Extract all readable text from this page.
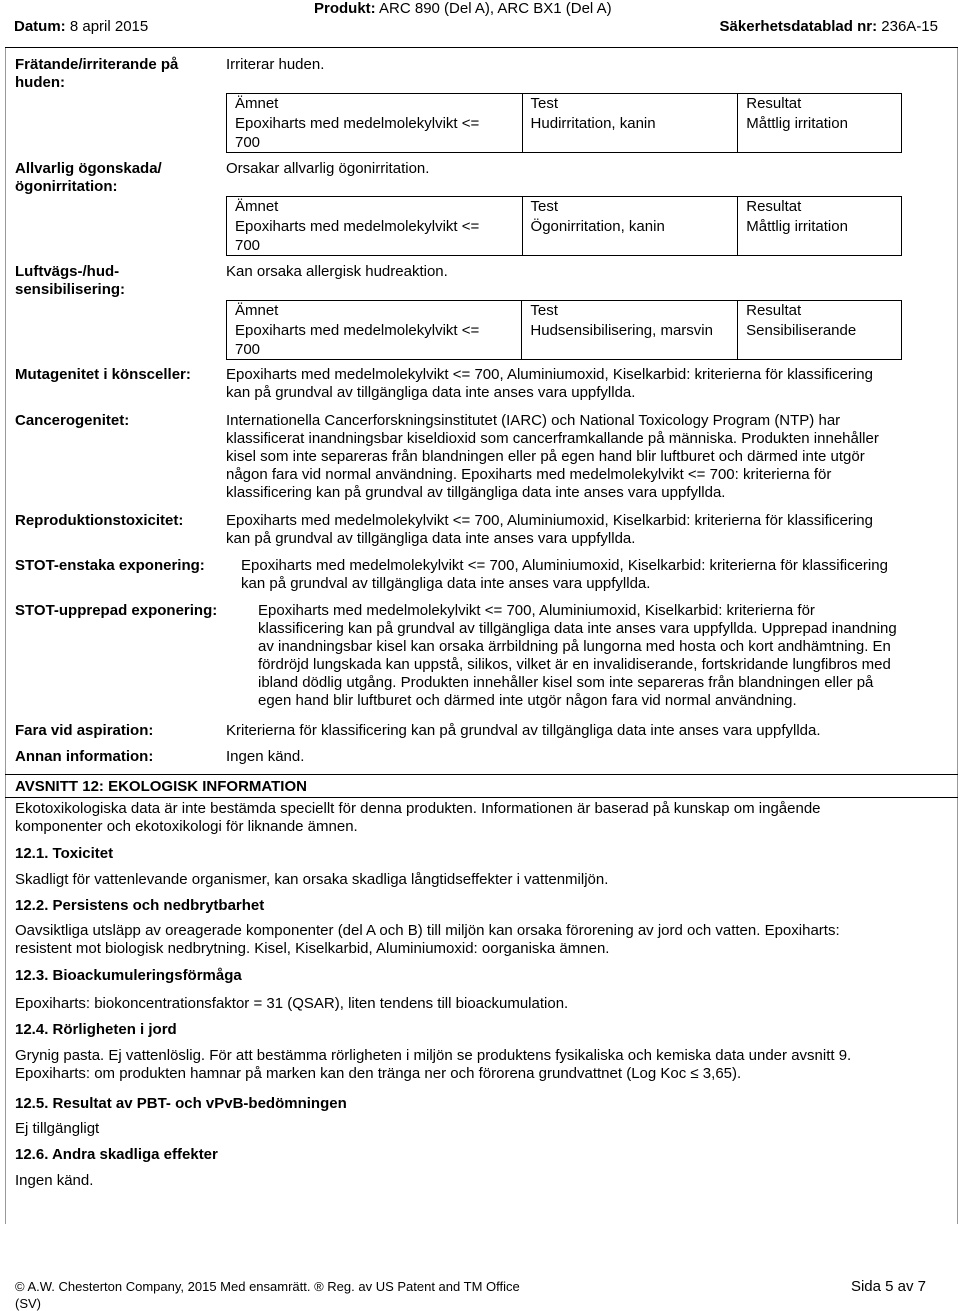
Datum: 8 april 2015
Produkt: ARC 890 (Del A), ARC BX1 (Del A)
Säkerhetsdatablad nr: 236A-15
Frätande/irriterande på
huden:
Irriterar huden.
Ämnet	Test	Resultat

Epoxiharts med medelmolekylvikt <=
700	Hudirritation, kanin	Måttlig irritation
Allvarlig ögonskada/
ögonirritation:
Orsakar allvarlig ögonirritation.
Ämnet	Test	Resultat

Epoxiharts med medelmolekylvikt <=
700	Ögonirritation, kanin	Måttlig irritation
Luftvägs-/hud-
sensibilisering:
Kan orsaka allergisk hudreaktion.
Ämnet	Test	Resultat

Epoxiharts med medelmolekylvikt <=
700	Hudsensibilisering, marsvin	Sensibiliserande
Mutagenitet i könsceller: Epoxiharts med medelmolekylvikt <= 700, Aluminiumoxid, Kiselkarbid: kriterierna för klassificering
kan på grundval av tillgängliga data inte anses vara uppfyllda.
Cancerogenitet:	Internationella Cancerforskningsinstitutet (IARC) och National Toxicology Program (NTP) har
klassificerat inandningsbar kiseldioxid som cancerframkallande på människa. Produkten innehåller
kisel som inte separeras från blandningen eller på egen hand blir luftburet och därmed inte utgör
någon fara vid normal användning. Epoxiharts med medelmolekylvikt <= 700: kriterierna för
klassificering kan på grundval av tillgängliga data inte anses vara uppfyllda.
Reproduktionstoxicitet:	Epoxiharts med medelmolekylvikt <= 700, Aluminiumoxid, Kiselkarbid: kriterierna för klassificering
kan på grundval av tillgängliga data inte anses vara uppfyllda.
STOT-enstaka exponering: Epoxiharts med medelmolekylvikt <= 700, Aluminiumoxid, Kiselkarbid: kriterierna för klassificering
kan på grundval av tillgängliga data inte anses vara uppfyllda.
STOT-upprepad exponering:	Epoxiharts med medelmolekylvikt <= 700, Aluminiumoxid, Kiselkarbid: kriterierna för
klassificering kan på grundval av tillgängliga data inte anses vara uppfyllda. Upprepad inandning
av inandningsbar kisel kan orsaka ärrbildning på lungorna med hosta och kort andhämtning. En
fördröjd lungskada kan uppstå, silikos, vilket är en invalidiserande, fortskridande lungfibros med
ibland dödlig utgång. Produkten innehåller kisel som inte separeras från blandningen eller på
egen hand blir luftburet och därmed inte utgör någon fara vid normal användning.
Fara vid aspiration:	Kriterierna för klassificering kan på grundval av tillgängliga data inte anses vara uppfyllda.
Annan information:	Ingen känd.
AVSNITT 12: EKOLOGISK INFORMATION
Ekotoxikologiska data är inte bestämda speciellt för denna produkten. Informationen är baserad på kunskap om ingående
komponenter och ekotoxikologi för liknande ämnen.
12.1. Toxicitet
Skadligt för vattenlevande organismer, kan orsaka skadliga långtidseffekter i vattenmiljön.
12.2. Persistens och nedbrytbarhet
Oavsiktliga utsläpp av oreagerade komponenter (del A och B) till miljön kan orsaka förorening av jord och vatten. Epoxiharts:
resistent mot biologisk nedbrytning. Kisel, Kiselkarbid, Aluminiumoxid: oorganiska ämnen.
12.3. Bioackumuleringsförmåga
Epoxiharts: biokoncentrationsfaktor = 31 (QSAR), liten tendens till bioackumulation.
12.4. Rörligheten i jord
Grynig pasta. Ej vattenlöslig. För att bestämma rörligheten i miljön se produktens fysikaliska och kemiska data under avsnitt 9.
Epoxiharts: om produkten hamnar på marken kan den tränga ner och förorena grundvattnet (Log Koc ≤ 3,65).
12.5. Resultat av PBT- och vPvB-bedömningen
Ej tillgängligt
12.6. Andra skadliga effekter
Ingen känd.
© A.W. Chesterton Company, 2015 Med ensamrätt. ® Reg. av US Patent and TM Office
(SV)
Sida 5 av 7
